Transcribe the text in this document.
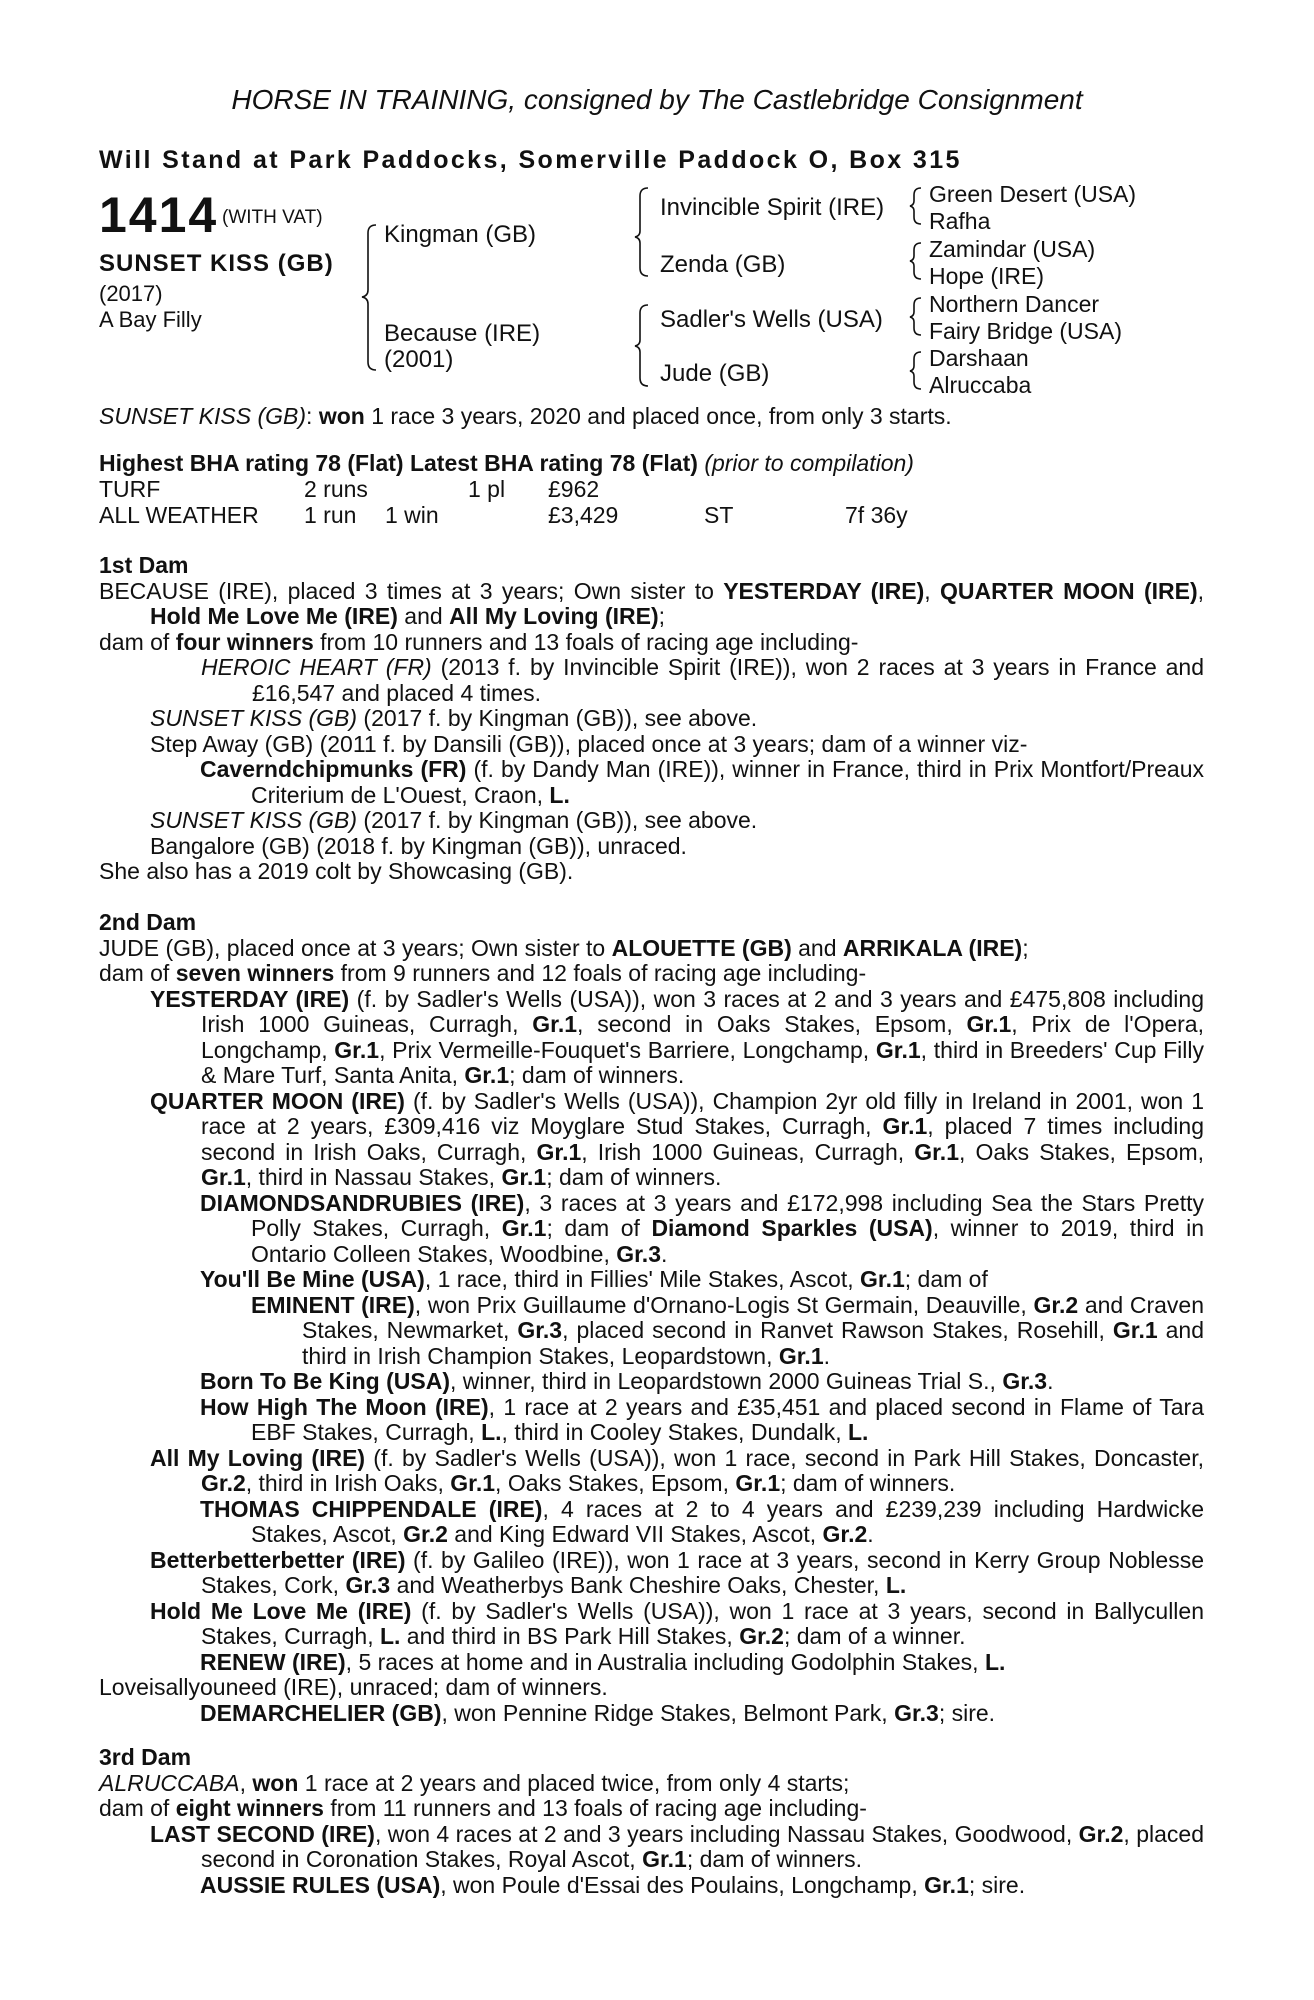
HORSE IN TRAINING, consigned by The Castlebridge Consignment
Will Stand at Park Paddocks, Somerville Paddock O, Box 315
1414 (WITH VAT)
SUNSET KISS (GB)
(2017)
A Bay Filly
Kingman (GB)
Because (IRE)
(2001)
Invincible Spirit (IRE)
Zenda (GB)
Sadler's Wells (USA)
Jude (GB)
Green Desert (USA)
Rafha
Zamindar (USA)
Hope (IRE)
Northern Dancer
Fairy Bridge (USA)
Darshaan
Alruccaba
SUNSET KISS (GB): won 1 race 3 years, 2020 and placed once, from only 3 starts.
Highest BHA rating 78 (Flat) Latest BHA rating 78 (Flat) (prior to compilation)
TURF	2 runs	1 pl £962
ALL WEATHER 1 run 1 win	£3,429	ST	7f 36y

1st Dam

BECAUSE (IRE), placed 3 times at 3 years; Own sister to YESTERDAY (IRE), QUARTER MOON (IRE), Hold Me Love Me (IRE) and All My Loving (IRE);

dam of four winners from 10 runners and 13 foals of racing age including-

HEROIC HEART (FR) (2013 f. by Invincible Spirit (IRE)), won 2 races at 3 years in France and £16,547 and placed 4 times.

SUNSET KISS (GB) (2017 f. by Kingman (GB)), see above.

Step Away (GB) (2011 f. by Dansili (GB)), placed once at 3 years; dam of a winner viz-

Caverndchipmunks (FR) (f. by Dandy Man (IRE)), winner in France, third in Prix Montfort/Preaux Criterium de L'Ouest, Craon, L.

SUNSET KISS (GB) (2017 f. by Kingman (GB)), see above.

Bangalore (GB) (2018 f. by Kingman (GB)), unraced.

She also has a 2019 colt by Showcasing (GB).

2nd Dam

JUDE (GB), placed once at 3 years; Own sister to ALOUETTE (GB) and ARRIKALA (IRE);

dam of seven winners from 9 runners and 12 foals of racing age including-

YESTERDAY (IRE) (f. by Sadler's Wells (USA)), won 3 races at 2 and 3 years and £475,808 including Irish 1000 Guineas, Curragh, Gr.1, second in Oaks Stakes, Epsom, Gr.1, Prix de l'Opera, Longchamp, Gr.1, Prix Vermeille-Fouquet's Barriere, Longchamp, Gr.1, third in Breeders' Cup Filly & Mare Turf, Santa Anita, Gr.1; dam of winners.

QUARTER MOON (IRE) (f. by Sadler's Wells (USA)), Champion 2yr old filly in Ireland in 2001, won 1 race at 2 years, £309,416 viz Moyglare Stud Stakes, Curragh, Gr.1, placed 7 times including second in Irish Oaks, Curragh, Gr.1, Irish 1000 Guineas, Curragh, Gr.1, Oaks Stakes, Epsom, Gr.1, third in Nassau Stakes, Gr.1; dam of winners.

DIAMONDSANDRUBIES (IRE), 3 races at 3 years and £172,998 including Sea the Stars Pretty Polly Stakes, Curragh, Gr.1; dam of Diamond Sparkles (USA), winner to 2019, third in Ontario Colleen Stakes, Woodbine, Gr.3.

You'll Be Mine (USA), 1 race, third in Fillies' Mile Stakes, Ascot, Gr.1; dam of

EMINENT (IRE), won Prix Guillaume d'Ornano-Logis St Germain, Deauville, Gr.2 and Craven Stakes, Newmarket, Gr.3, placed second in Ranvet Rawson Stakes, Rosehill, Gr.1 and third in Irish Champion Stakes, Leopardstown, Gr.1.

Born To Be King (USA), winner, third in Leopardstown 2000 Guineas Trial S., Gr.3.

How High The Moon (IRE), 1 race at 2 years and £35,451 and placed second in Flame of Tara EBF Stakes, Curragh, L., third in Cooley Stakes, Dundalk, L.

All My Loving (IRE) (f. by Sadler's Wells (USA)), won 1 race, second in Park Hill Stakes, Doncaster, Gr.2, third in Irish Oaks, Gr.1, Oaks Stakes, Epsom, Gr.1; dam of winners.

THOMAS CHIPPENDALE (IRE), 4 races at 2 to 4 years and £239,239 including Hardwicke Stakes, Ascot, Gr.2 and King Edward VII Stakes, Ascot, Gr.2.

Betterbetterbetter (IRE) (f. by Galileo (IRE)), won 1 race at 3 years, second in Kerry Group Noblesse Stakes, Cork, Gr.3 and Weatherbys Bank Cheshire Oaks, Chester, L.

Hold Me Love Me (IRE) (f. by Sadler's Wells (USA)), won 1 race at 3 years, second in Ballycullen Stakes, Curragh, L. and third in BS Park Hill Stakes, Gr.2; dam of a winner.

RENEW (IRE), 5 races at home and in Australia including Godolphin Stakes, L.

Loveisallyouneed (IRE), unraced; dam of winners.

DEMARCHELIER (GB), won Pennine Ridge Stakes, Belmont Park, Gr.3; sire.

3rd Dam

ALRUCCABA, won 1 race at 2 years and placed twice, from only 4 starts;

dam of eight winners from 11 runners and 13 foals of racing age including-

LAST SECOND (IRE), won 4 races at 2 and 3 years including Nassau Stakes, Goodwood, Gr.2, placed second in Coronation Stakes, Royal Ascot, Gr.1; dam of winners.

AUSSIE RULES (USA), won Poule d'Essai des Poulains, Longchamp, Gr.1; sire.
